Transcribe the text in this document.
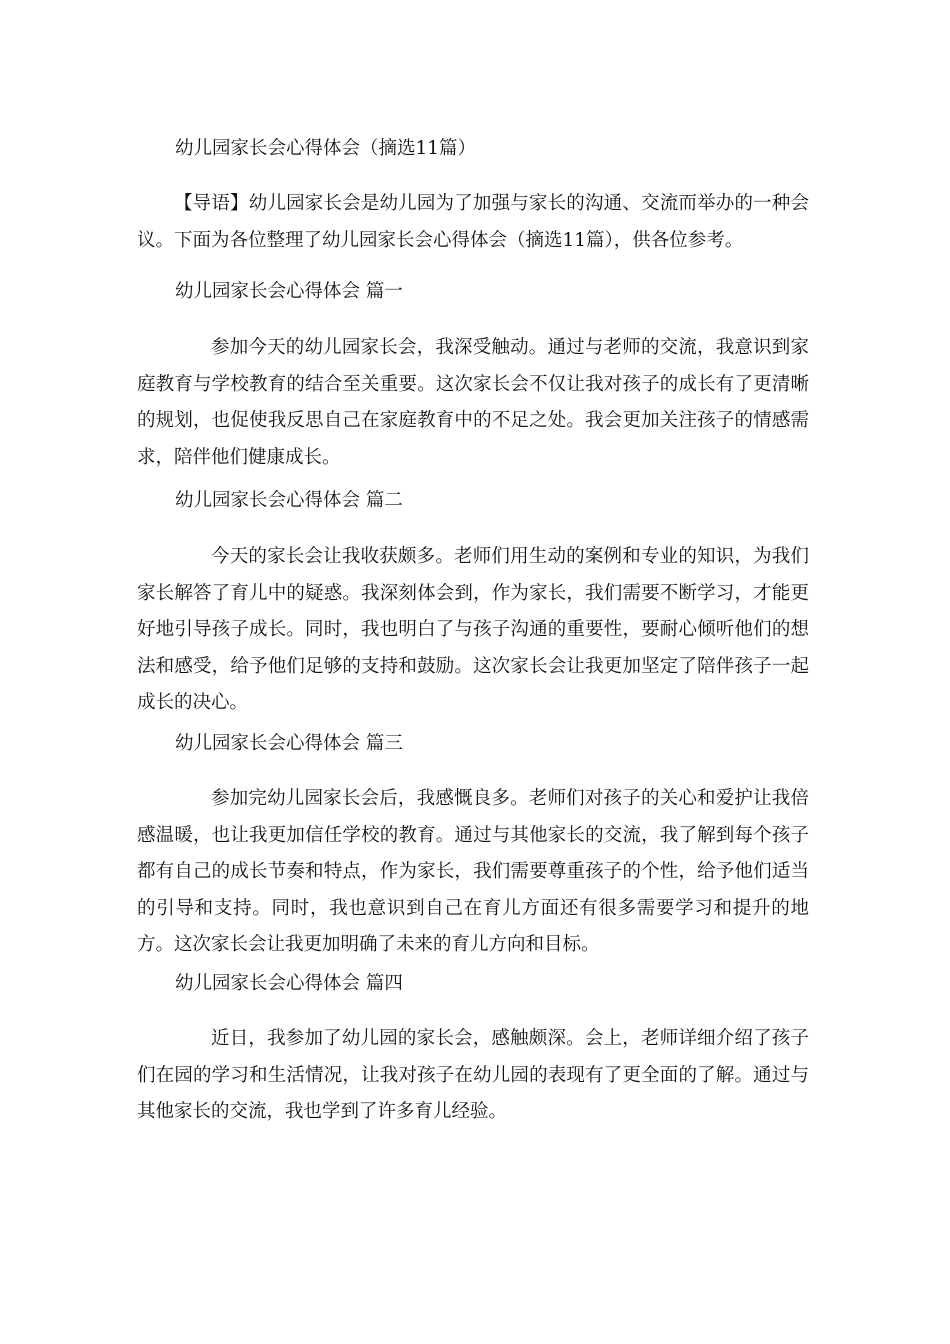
幼儿园家长会心得体会（摘选11篇）

【导语】幼儿园家长会是幼儿园为了加强与家长的沟通、交流而举办的一种会议。下面为各位整理了幼儿园家长会心得体会（摘选11篇），供各位参考。

幼儿园家长会心得体会 篇一

参加今天的幼儿园家长会，我深受触动。通过与老师的交流，我意识到家庭教育与学校教育的结合至关重要。这次家长会不仅让我对孩子的成长有了更清晰的规划，也促使我反思自己在家庭教育中的不足之处。我会更加关注孩子的情感需求，陪伴他们健康成长。

幼儿园家长会心得体会 篇二

今天的家长会让我收获颇多。老师们用生动的案例和专业的知识，为我们家长解答了育儿中的疑惑。我深刻体会到，作为家长，我们需要不断学习，才能更好地引导孩子成长。同时，我也明白了与孩子沟通的重要性，要耐心倾听他们的想法和感受，给予他们足够的支持和鼓励。这次家长会让我更加坚定了陪伴孩子一起成长的决心。

幼儿园家长会心得体会 篇三

参加完幼儿园家长会后，我感慨良多。老师们对孩子的关心和爱护让我倍感温暖，也让我更加信任学校的教育。通过与其他家长的交流，我了解到每个孩子都有自己的成长节奏和特点，作为家长，我们需要尊重孩子的个性，给予他们适当的引导和支持。同时，我也意识到自己在育儿方面还有很多需要学习和提升的地方。这次家长会让我更加明确了未来的育儿方向和目标。

幼儿园家长会心得体会 篇四

近日，我参加了幼儿园的家长会，感触颇深。会上，老师详细介绍了孩子们在园的学习和生活情况，让我对孩子在幼儿园的表现有了更全面的了解。通过与其他家长的交流，我也学到了许多育儿经验。
